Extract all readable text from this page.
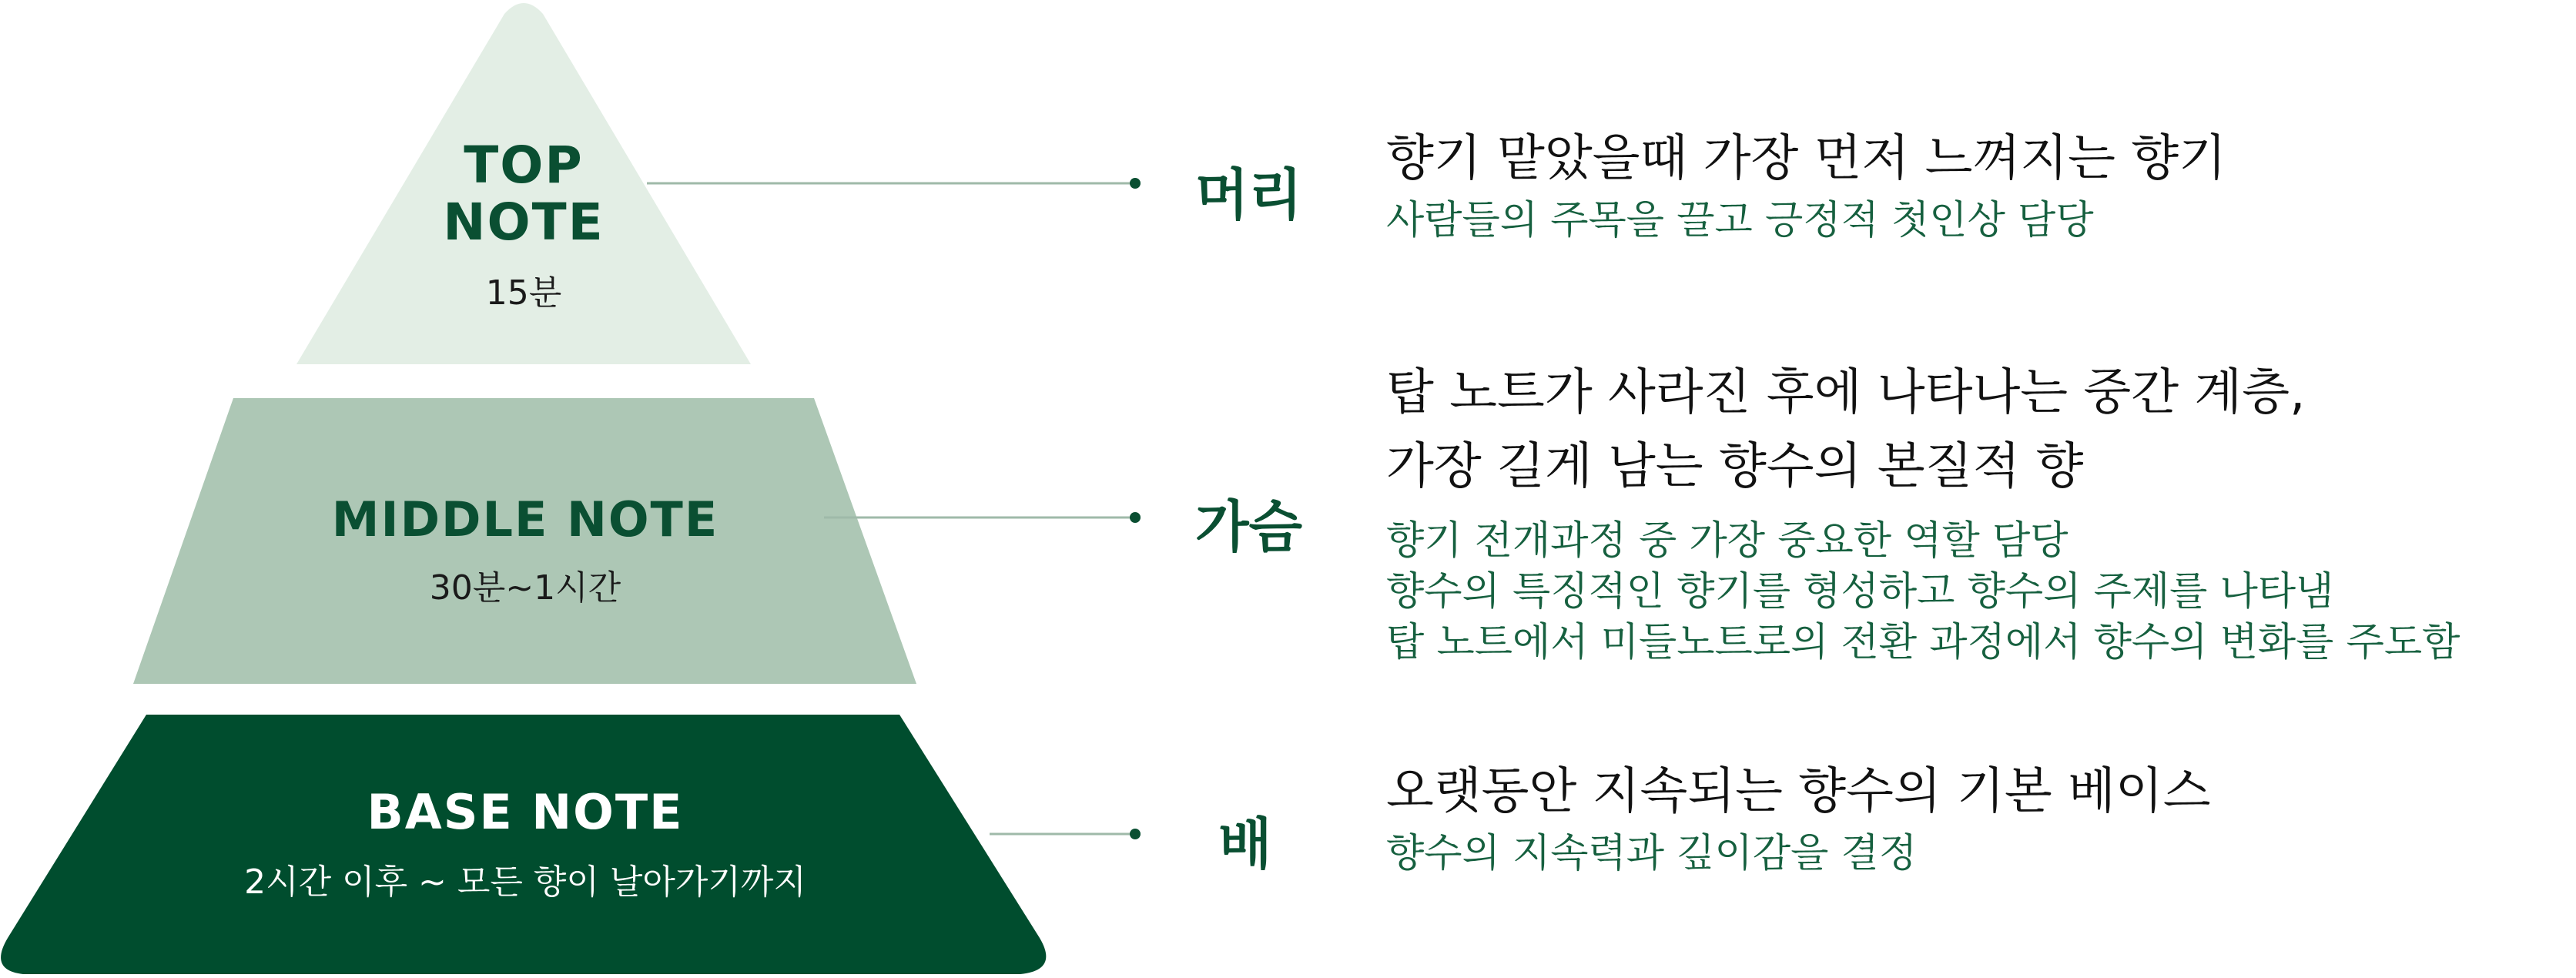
TOP
NOTE
15분
MIDDLE NOTE
30분~1시간
BASE NOTE
2시간 이후 ~ 모든 향이 날아가기까지
머리
가슴
배
향기 맡았을때 가장 먼저 느껴지는 향기
사람들의 주목을 끌고 긍정적 첫인상 담당
탑 노트가 사라진 후에 나타나는 중간 계층,
가장 길게 남는 향수의 본질적 향
향기 전개과정 중 가장 중요한 역할 담당
향수의 특징적인 향기를 형성하고 향수의 주제를 나타냄
탑 노트에서 미들노트로의 전환 과정에서 향수의 변화를 주도함
오랫동안 지속되는 향수의 기본 베이스
향수의 지속력과 깊이감을 결정
